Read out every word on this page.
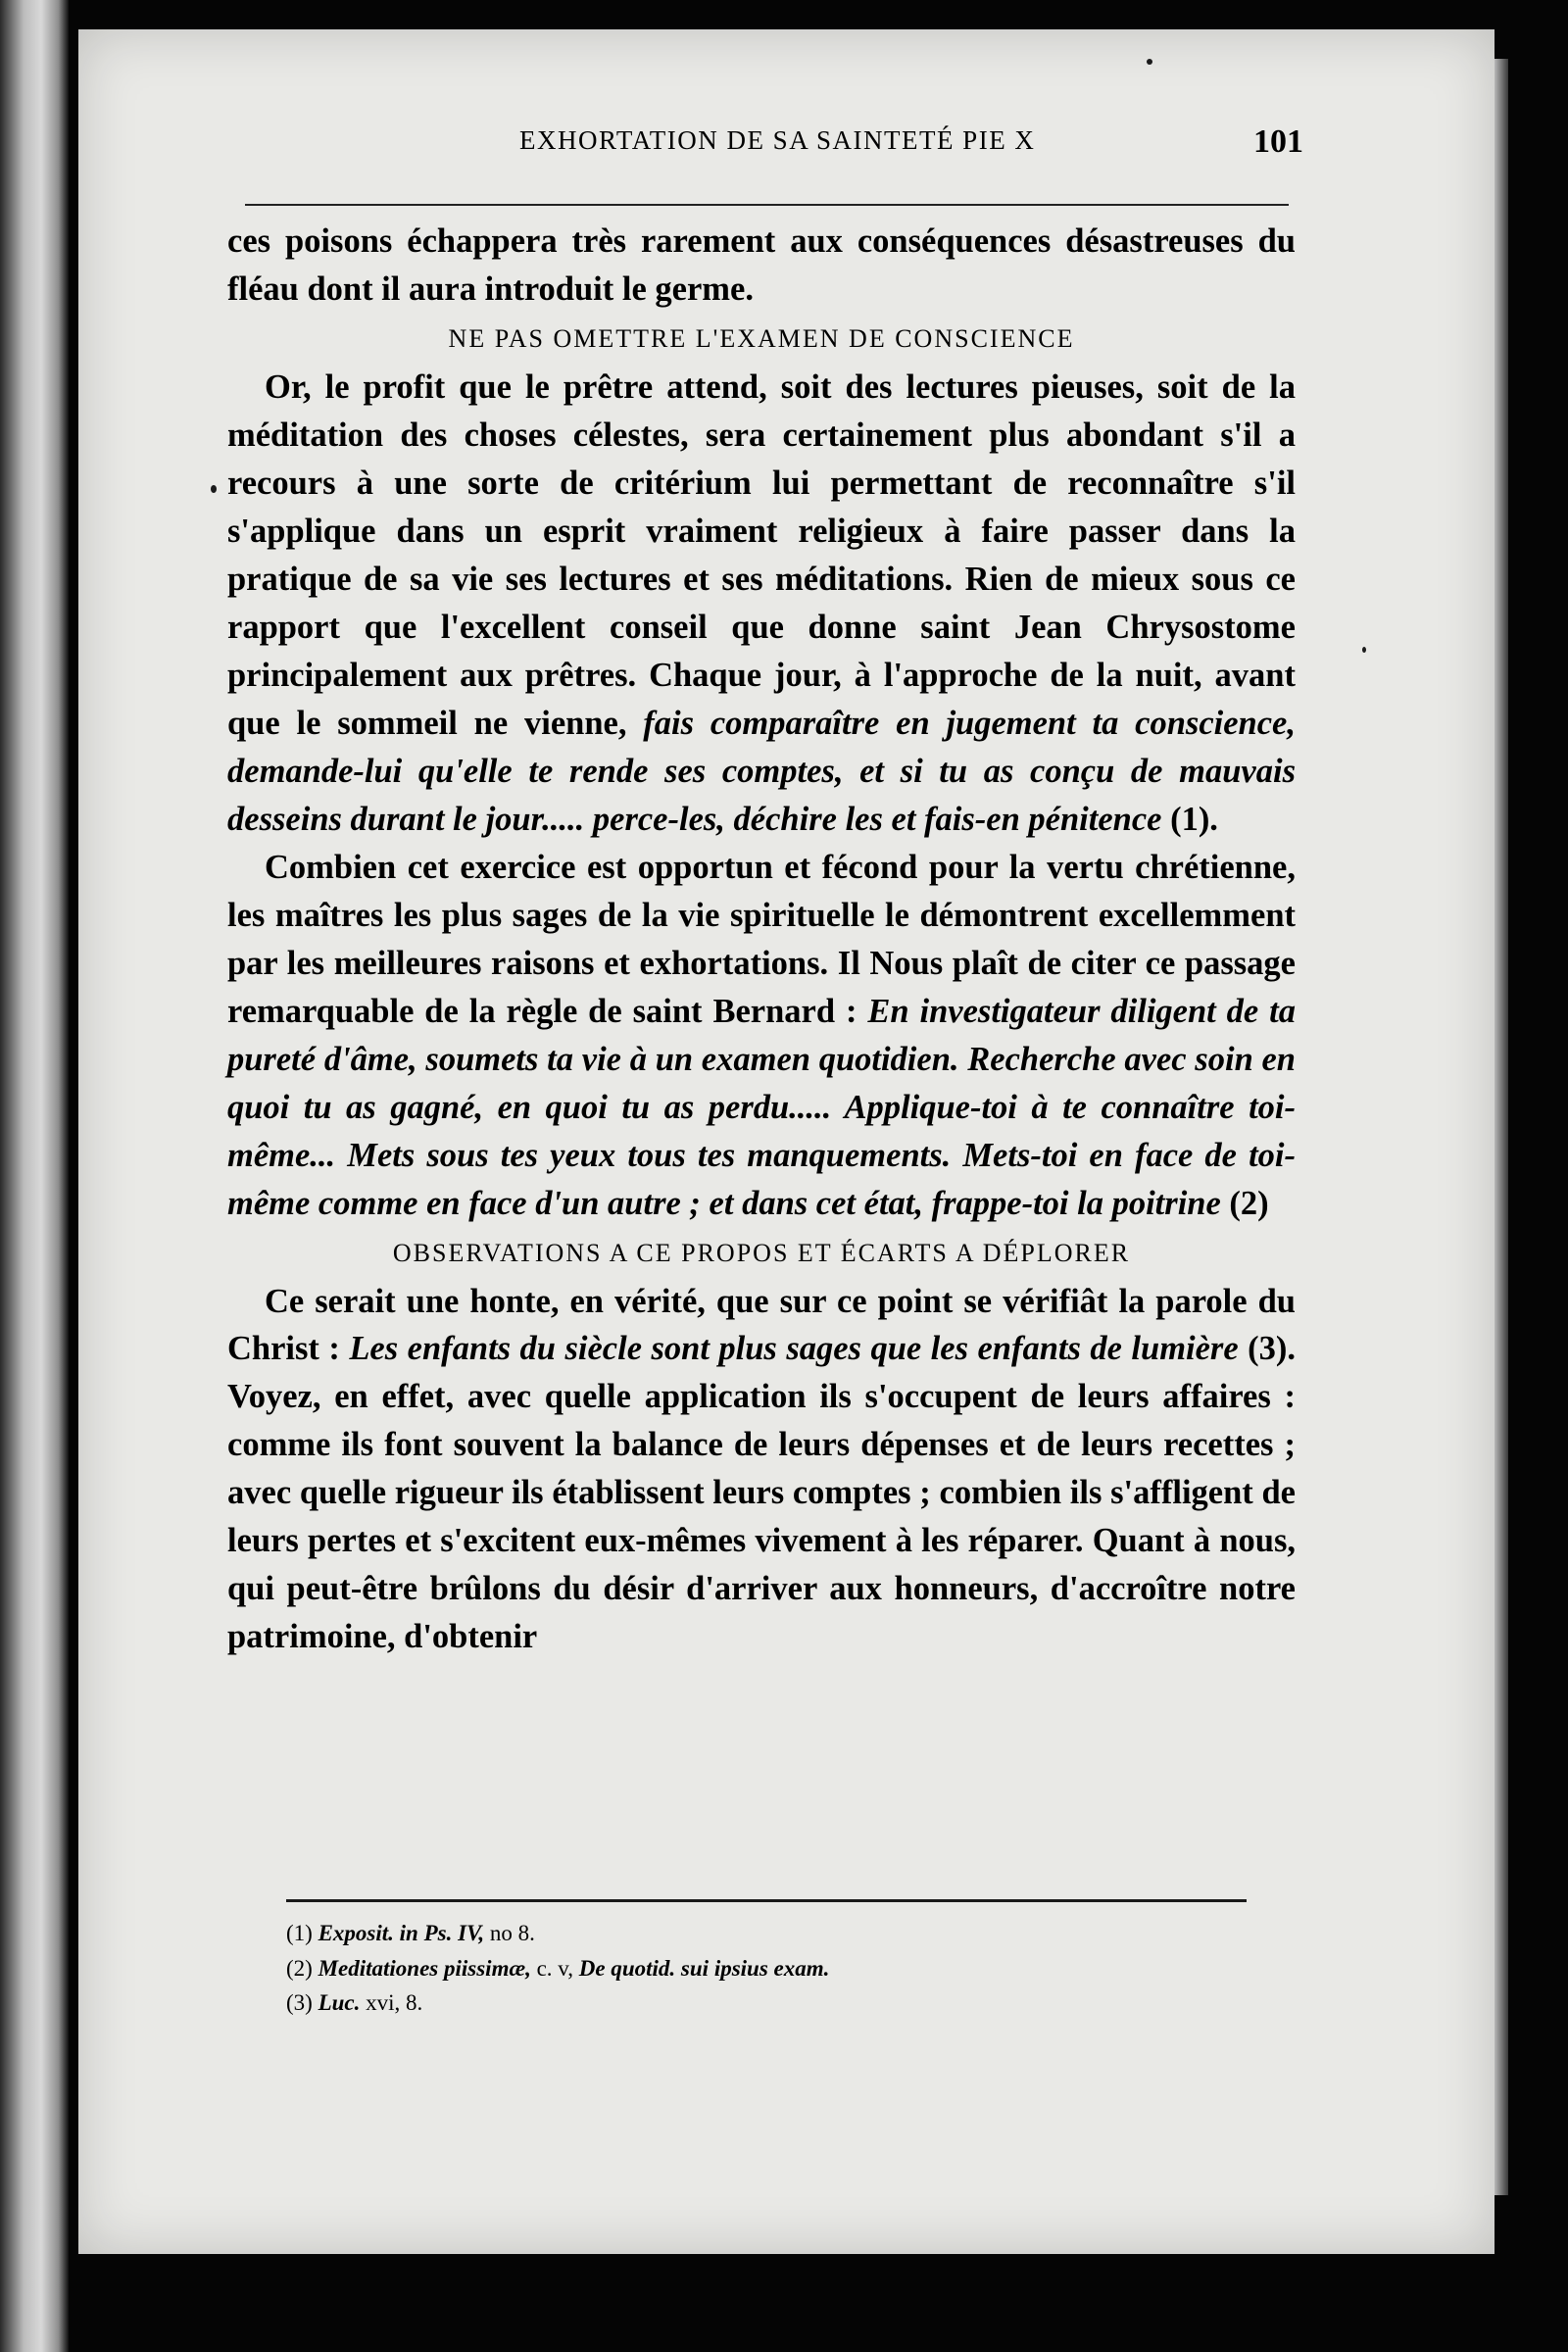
EXHORTATION DE SA SAINTETÉ PIE X	101

ces poisons échappera très rarement aux conséquences désastreuses du fléau dont il aura introduit le germe.

NE PAS OMETTRE L'EXAMEN DE CONSCIENCE

Or, le profit que le prêtre attend, soit des lectures pieuses, soit de la méditation des choses célestes, sera certainement plus abondant s'il a recours à une sorte de critérium lui permettant de reconnaître s'il s'applique dans un esprit vraiment religieux à faire passer dans la pratique de sa vie ses lectures et ses méditations. Rien de mieux sous ce rapport que l'excellent conseil que donne saint Jean Chrysostome principalement aux prêtres. Chaque jour, à l'approche de la nuit, avant que le sommeil ne vienne, fais comparaître en jugement ta conscience, demande-lui qu'elle te rende ses comptes, et si tu as conçu de mauvais desseins durant le jour..... perce-les, déchire les et fais-en pénitence (1).

Combien cet exercice est opportun et fécond pour la vertu chrétienne, les maîtres les plus sages de la vie spirituelle le démontrent excellemment par les meilleures raisons et exhortations. Il Nous plaît de citer ce passage remarquable de la règle de saint Bernard : En investigateur diligent de ta pureté d'âme, soumets ta vie à un examen quotidien. Recherche avec soin en quoi tu as gagné, en quoi tu as perdu..... Applique-toi à te connaître toi-même... Mets sous tes yeux tous tes manquements. Mets-toi en face de toi-même comme en face d'un autre ; et dans cet état, frappe-toi la poitrine (2)

OBSERVATIONS A CE PROPOS ET ÉCARTS A DÉPLORER

Ce serait une honte, en vérité, que sur ce point se vérifiât la parole du Christ : Les enfants du siècle sont plus sages que les enfants de lumière (3). Voyez, en effet, avec quelle application ils s'occupent de leurs affaires : comme ils font souvent la balance de leurs dépenses et de leurs recettes ; avec quelle rigueur ils établissent leurs comptes ; combien ils s'affligent de leurs pertes et s'excitent eux-mêmes vivement à les réparer. Quant à nous, qui peut-être brûlons du désir d'arriver aux honneurs, d'accroître notre patrimoine, d'obtenir

(1) Exposit. in Ps. IV, no 8.
(2) Meditationes piissimæ, c. v, De quotid. sui ipsius exam.
(3) Luc. xvi, 8.
